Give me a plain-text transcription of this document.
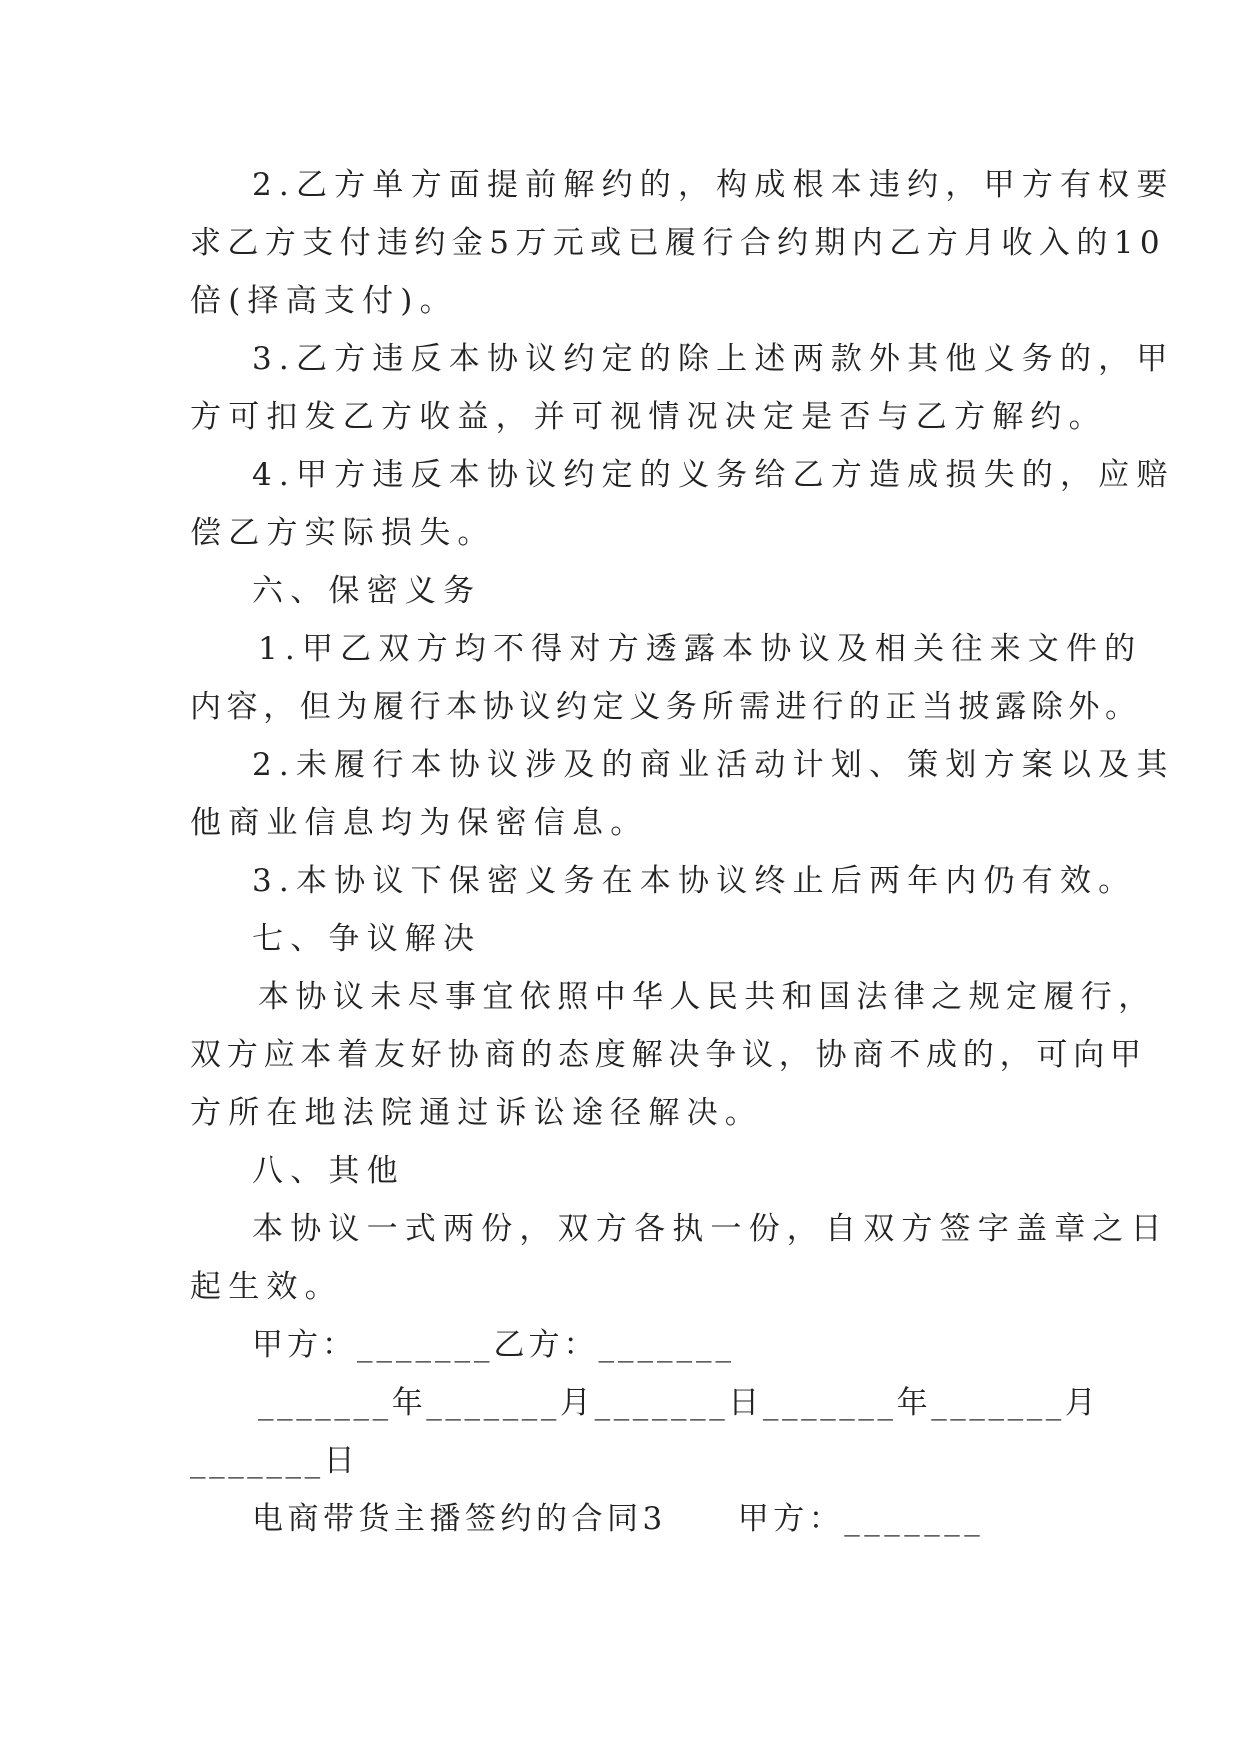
2.乙方单方面提前解约的，构成根本违约，甲方有权要
求乙方支付违约金5万元或已履行合约期内乙方月收入的10
倍(择高支付)。
3.乙方违反本协议约定的除上述两款外其他义务的，甲
方可扣发乙方收益，并可视情况决定是否与乙方解约。
4.甲方违反本协议约定的义务给乙方造成损失的，应赔
偿乙方实际损失。
六、保密义务
1.甲乙双方均不得对方透露本协议及相关往来文件的
内容，但为履行本协议约定义务所需进行的正当披露除外。
2.未履行本协议涉及的商业活动计划、策划方案以及其
他商业信息均为保密信息。
3.本协议下保密义务在本协议终止后两年内仍有效。
七、争议解决
本协议未尽事宜依照中华人民共和国法律之规定履行，
双方应本着友好协商的态度解决争议，协商不成的，可向甲
方所在地法院通过诉讼途径解决。
八、其他
本协议一式两份，双方各执一份，自双方签字盖章之日
起生效。
甲方：_______乙方：_______
_______年_______月_______日_______年_______月
_______日
电商带货主播签约的合同3　　甲方：_______
